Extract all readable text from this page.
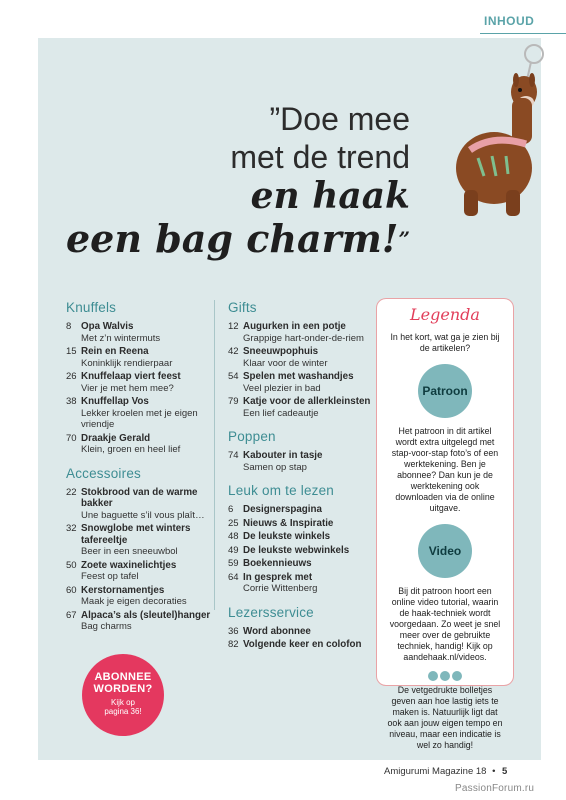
INHOUD
”Doe mee
met de trend
en haak
een bag charm!”
Knuffels
8 Opa Walvis
Met z’n wintermuts
15 Rein en Reena
Koninklijk rendierpaar
26 Knuffelaap viert feest
Vier je met hem mee?
38 Knuffellap Vos
Lekker kroelen met je eigen vriendje
70 Draakje Gerald
Klein, groen en heel lief
Accessoires
22 Stokbrood van de warme bakker
Une baguette s’il vous plaît…
32 Snowglobe met winters tafereeltje
Beer in een sneeuwbol
50 Zoete waxinelichtjes
Feest op tafel
60 Kerstornamentjes
Maak je eigen decoraties
67 Alpaca’s als (sleutel)hanger
Bag charms
Gifts
12 Augurken in een potje
Grappige hart-onder-de-riem
42 Sneeuwpophuis
Klaar voor de winter
54 Spelen met washandjes
Veel plezier in bad
79 Katje voor de allerkleinsten
Een lief cadeautje
Poppen
74 Kabouter in tasje
Samen op stap
Leuk om te lezen
6 Designerspagina
25 Nieuws & Inspiratie
48 De leukste winkels
49 De leukste webwinkels
59 Boekennieuws
64 In gesprek met
Corrie Wittenberg
Lezersservice
36 Word abonnee
82 Volgende keer en colofon
Legenda
In het kort, wat ga je zien bij de artikelen?
Patroon
Het patroon in dit artikel wordt extra uitgelegd met stap-voor-stap foto’s of een werktekening. Ben je abonnee? Dan kun je de werktekening ook downloaden via de online uitgave.
Video
Bij dit patroon hoort een online video tutorial, waarin de haak-techniek wordt voorgedaan. Zo weet je snel meer over de gebruikte techniek, handig! Kijk op aandehaak.nl/videos.
De vetgedrukte bolletjes geven aan hoe lastig iets te maken is. Natuurlijk ligt dat ook aan jouw eigen tempo en niveau, maar een indicatie is wel zo handig!
ABONNEE
WORDEN?
Kijk op
pagina 36!
Amigurumi Magazine 18 • 5
PassionForum.ru
